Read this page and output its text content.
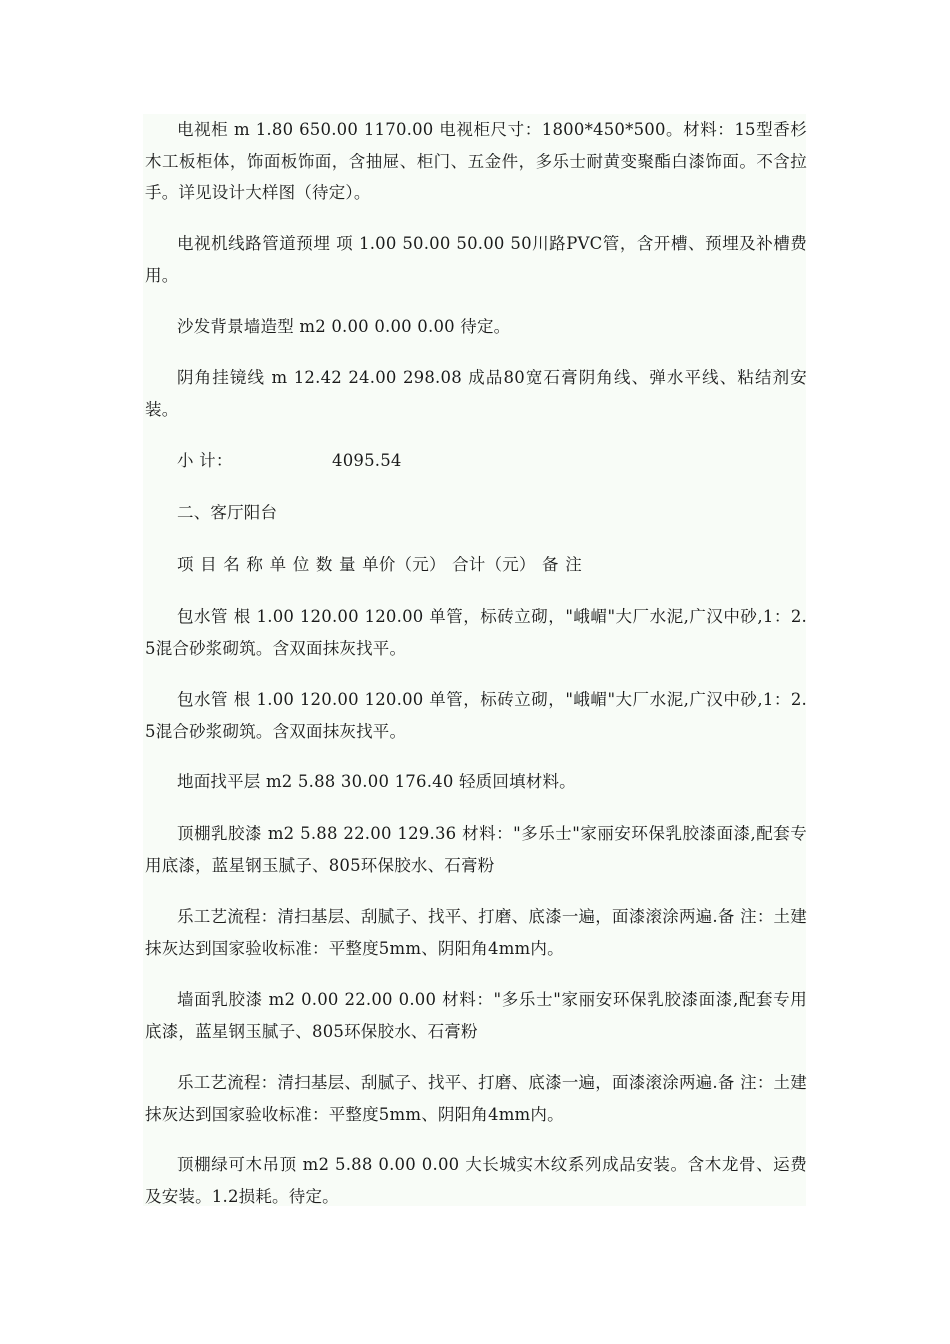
电视柜 m 1.80 650.00 1170.00 电视柜尺寸：1800*450*500。材料：15型香杉木工板柜体，饰面板饰面，含抽屉、柜门、五金件，多乐士耐黄变聚酯白漆饰面。不含拉手。详见设计大样图（待定）。

电视机线路管道预埋 项 1.00 50.00 50.00 50川路PVC管，含开槽、预埋及补槽费用。

沙发背景墙造型 m2 0.00 0.00 0.00 待定。

阴角挂镜线 m 12.42 24.00 298.08 成品80宽石膏阴角线、弹水平线、粘结剂安装。

小 计：	4095.54

二、客厅阳台

项 目 名 称 单 位 数 量 单价（元） 合计（元） 备 注

包水管 根 1.00 120.00 120.00 单管，标砖立砌，"峨嵋"大厂水泥,广汉中砂,1：2.5混合砂浆砌筑。含双面抹灰找平。

包水管 根 1.00 120.00 120.00 单管，标砖立砌，"峨嵋"大厂水泥,广汉中砂,1：2.5混合砂浆砌筑。含双面抹灰找平。

地面找平层 m2 5.88 30.00 176.40 轻质回填材料。

顶棚乳胶漆 m2 5.88 22.00 129.36 材料："多乐士"家丽安环保乳胶漆面漆,配套专用底漆，蓝星钢玉腻子、805环保胶水、石膏粉

乐工艺流程：清扫基层、刮腻子、找平、打磨、底漆一遍，面漆滚涂两遍.备 注：土建抹灰达到国家验收标准：平整度5mm、阴阳角4mm内。

墙面乳胶漆 m2 0.00 22.00 0.00 材料："多乐士"家丽安环保乳胶漆面漆,配套专用底漆，蓝星钢玉腻子、805环保胶水、石膏粉

乐工艺流程：清扫基层、刮腻子、找平、打磨、底漆一遍，面漆滚涂两遍.备 注：土建抹灰达到国家验收标准：平整度5mm、阴阳角4mm内。

顶棚绿可木吊顶 m2 5.88 0.00 0.00 大长城实木纹系列成品安装。含木龙骨、运费及安装。1.2损耗。待定。
